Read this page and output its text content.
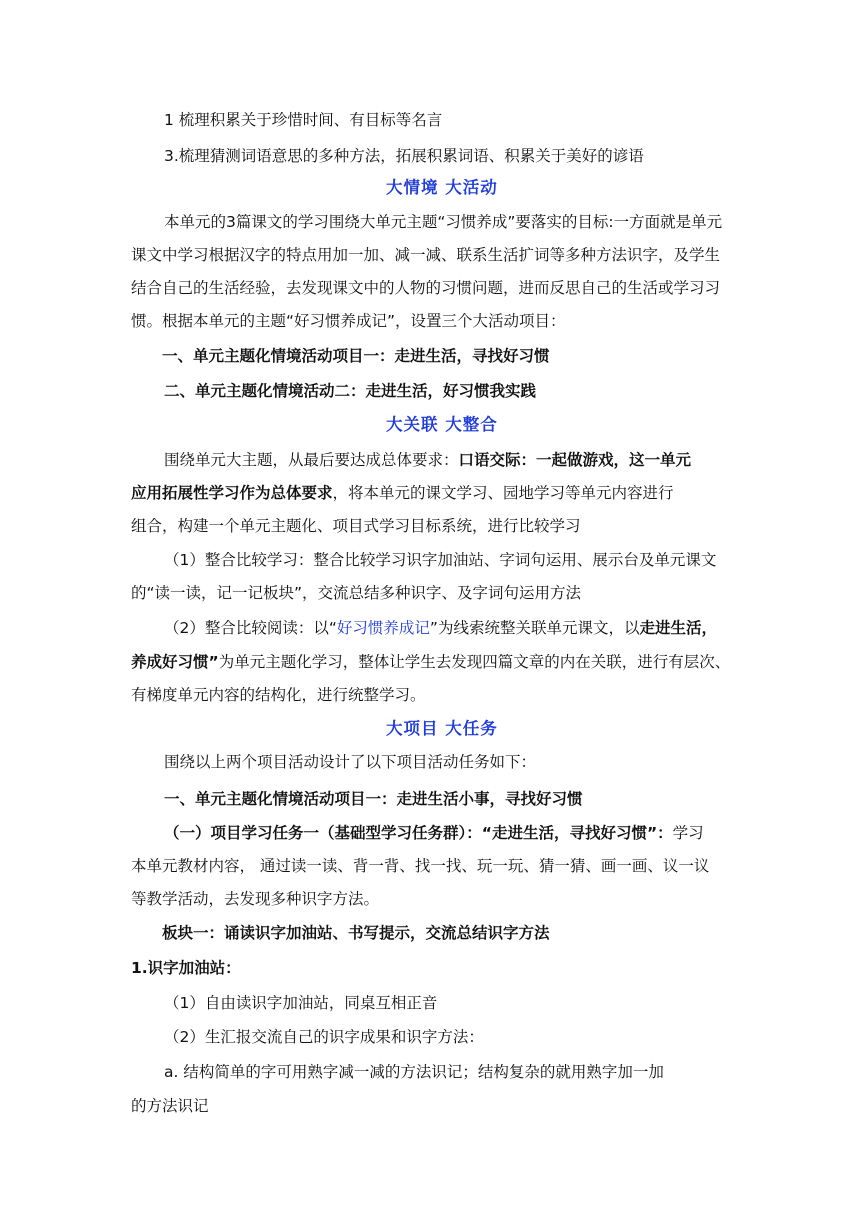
1 梳理积累关于珍惜时间、有目标等名言

3.梳理猜测词语意思的多种方法，拓展积累词语、积累关于美好的谚语

大情境 大活动

本单元的3篇课文的学习围绕大单元主题“习惯养成”要落实的目标:一方面就是单元

课文中学习根据汉字的特点用加一加、减一减、联系生活扩词等多种方法识字，及学生

结合自己的生活经验，去发现课文中的人物的习惯问题，进而反思自己的生活或学习习

惯。根据本单元的主题“好习惯养成记”，设置三个大活动项目：

一、单元主题化情境活动项目一：走进生活，寻找好习惯

二、单元主题化情境活动二：走进生活，好习惯我实践

大关联 大整合

围绕单元大主题，从最后要达成总体要求：口语交际：一起做游戏，这一单元

应用拓展性学习作为总体要求，将本单元的课文学习、园地学习等单元内容进行

组合，构建一个单元主题化、项目式学习目标系统，进行比较学习

（1）整合比较学习：整合比较学习识字加油站、字词句运用、展示台及单元课文

的“读一读，记一记板块”，交流总结多种识字、及字词句运用方法

（2）整合比较阅读：以“好习惯养成记”为线索统整关联单元课文，以走进生活，

养成好习惯”为单元主题化学习，整体让学生去发现四篇文章的内在关联，进行有层次、

有梯度单元内容的结构化，进行统整学习。

大项目 大任务

围绕以上两个项目活动设计了以下项目活动任务如下：

一、单元主题化情境活动项目一：走进生活小事，寻找好习惯

（一）项目学习任务一（基础型学习任务群）：“走进生活，寻找好习惯”：学习

本单元教材内容， 通过读一读、背一背、找一找、玩一玩、猜一猜、画一画、议一议

等教学活动，去发现多种识字方法。

板块一：诵读识字加油站、书写提示，交流总结识字方法

1.识字加油站：

（1）自由读识字加油站，同桌互相正音

（2）生汇报交流自己的识字成果和识字方法：

a. 结构简单的字可用熟字减一减的方法识记；结构复杂的就用熟字加一加

的方法识记
